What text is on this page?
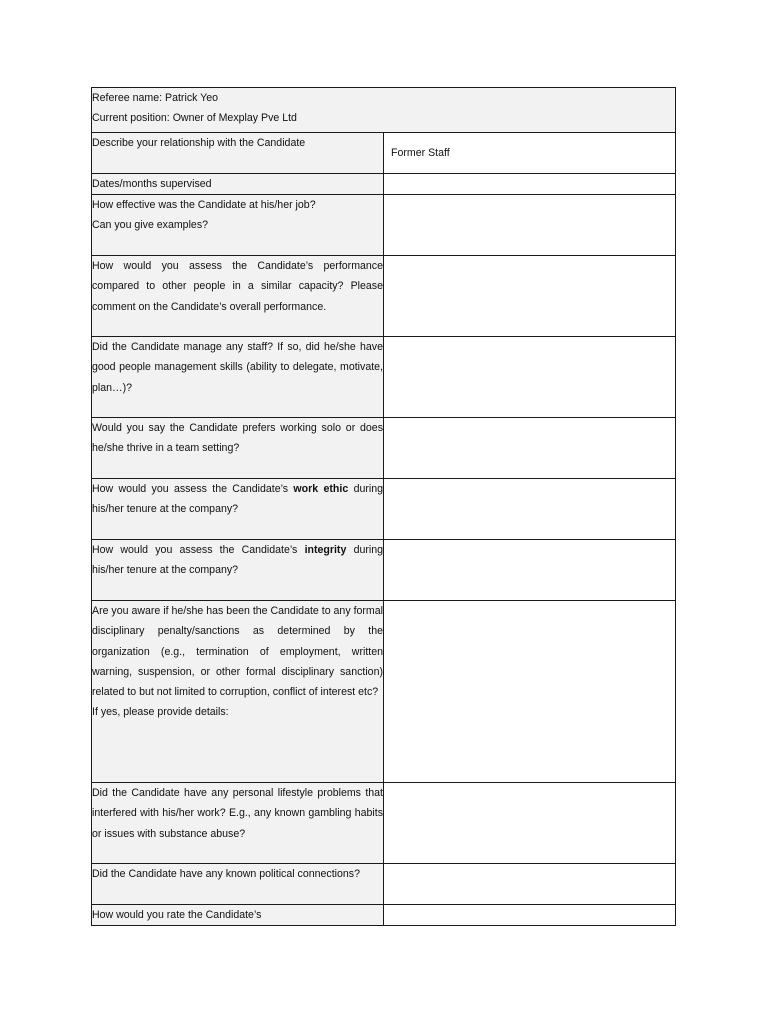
Referee name: Patrick Yeo
Current position: Owner of Mexplay Pve Ltd	

Describe your relationship with the Candidate	Former Staff

Dates/months supervised	
How effective was the Candidate at his/her job?
Can you give examples?	

How would you assess the Candidate’s performance compared to other people in a similar capacity? Please comment on the Candidate’s overall performance.	
Did the Candidate manage any staff? If so, did he/she have good people management skills (ability to delegate, motivate, plan…)?	
Would you say the Candidate prefers working solo or does he/she thrive in a team setting?	
How would you assess the Candidate’s work ethic during his/her tenure at the company?	
How would you assess the Candidate’s integrity during his/her tenure at the company?	
Are you aware if he/she has been the Candidate to any formal disciplinary penalty/sanctions as determined by the organization (e.g., termination of employment, written warning, suspension, or other formal disciplinary sanction) related to but not limited to corruption, conflict of interest etc?
If yes, please provide details:	

Did the Candidate have any personal lifestyle problems that interfered with his/her work? E.g., any known gambling habits or issues with substance abuse?	
Did the Candidate have any known political connections?	
How would you rate the Candidate’s	
